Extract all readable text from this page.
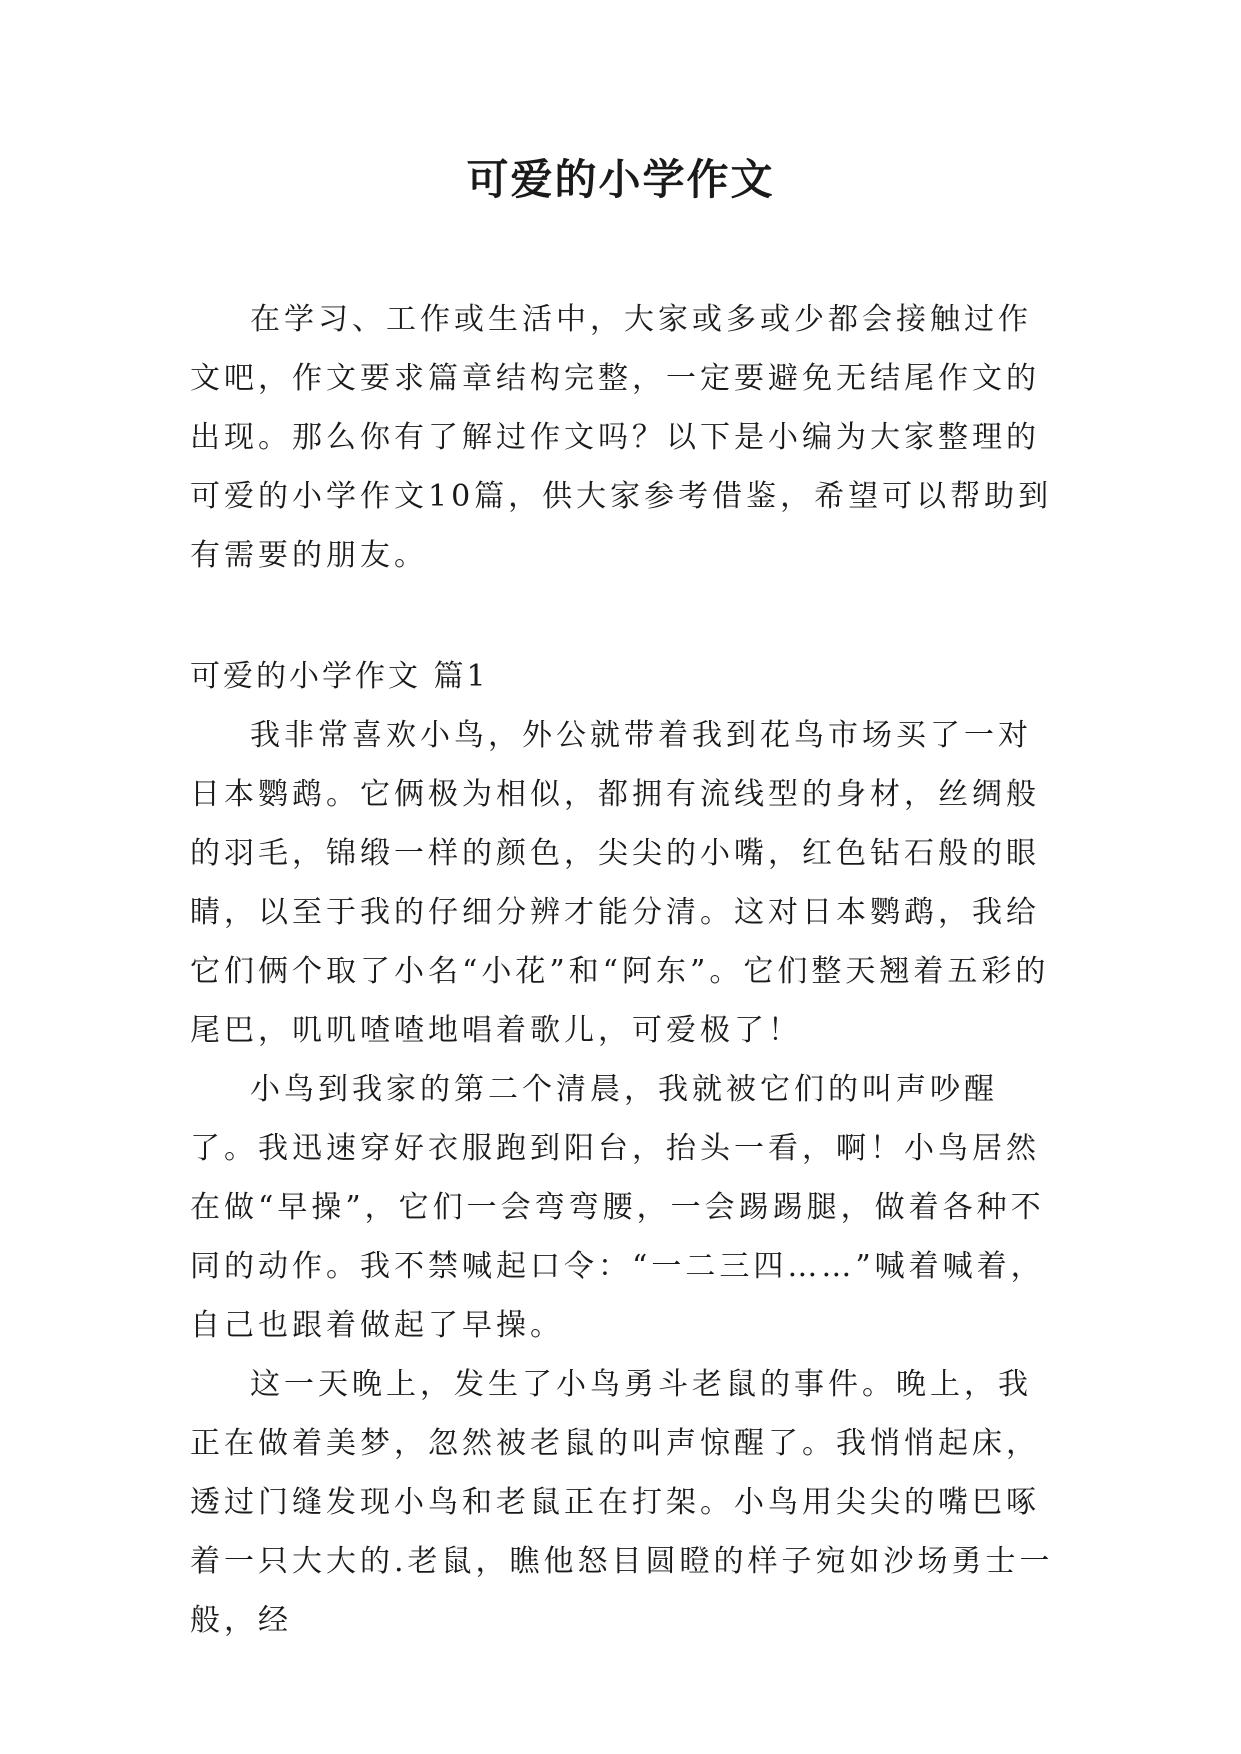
可爱的小学作文

在学习、工作或生活中，大家或多或少都会接触过作文吧，作文要求篇章结构完整，一定要避免无结尾作文的出现。那么你有了解过作文吗？以下是小编为大家整理的可爱的小学作文10篇，供大家参考借鉴，希望可以帮助到有需要的朋友。

可爱的小学作文 篇1

我非常喜欢小鸟，外公就带着我到花鸟市场买了一对日本鹦鹉。它俩极为相似，都拥有流线型的身材，丝绸般的羽毛，锦缎一样的颜色，尖尖的小嘴，红色钻石般的眼睛，以至于我的仔细分辨才能分清。这对日本鹦鹉，我给它们俩个取了小名“小花”和“阿东”。它们整天翘着五彩的尾巴，叽叽喳喳地唱着歌儿，可爱极了！

小鸟到我家的第二个清晨，我就被它们的叫声吵醒了。我迅速穿好衣服跑到阳台，抬头一看，啊！小鸟居然在做“早操”，它们一会弯弯腰，一会踢踢腿，做着各种不同的动作。我不禁喊起口令：“一二三四……”喊着喊着，自己也跟着做起了早操。

这一天晚上，发生了小鸟勇斗老鼠的事件。晚上，我正在做着美梦，忽然被老鼠的叫声惊醒了。我悄悄起床，透过门缝发现小鸟和老鼠正在打架。小鸟用尖尖的嘴巴啄着一只大大的.老鼠，瞧他怒目圆瞪的样子宛如沙场勇士一般，经
